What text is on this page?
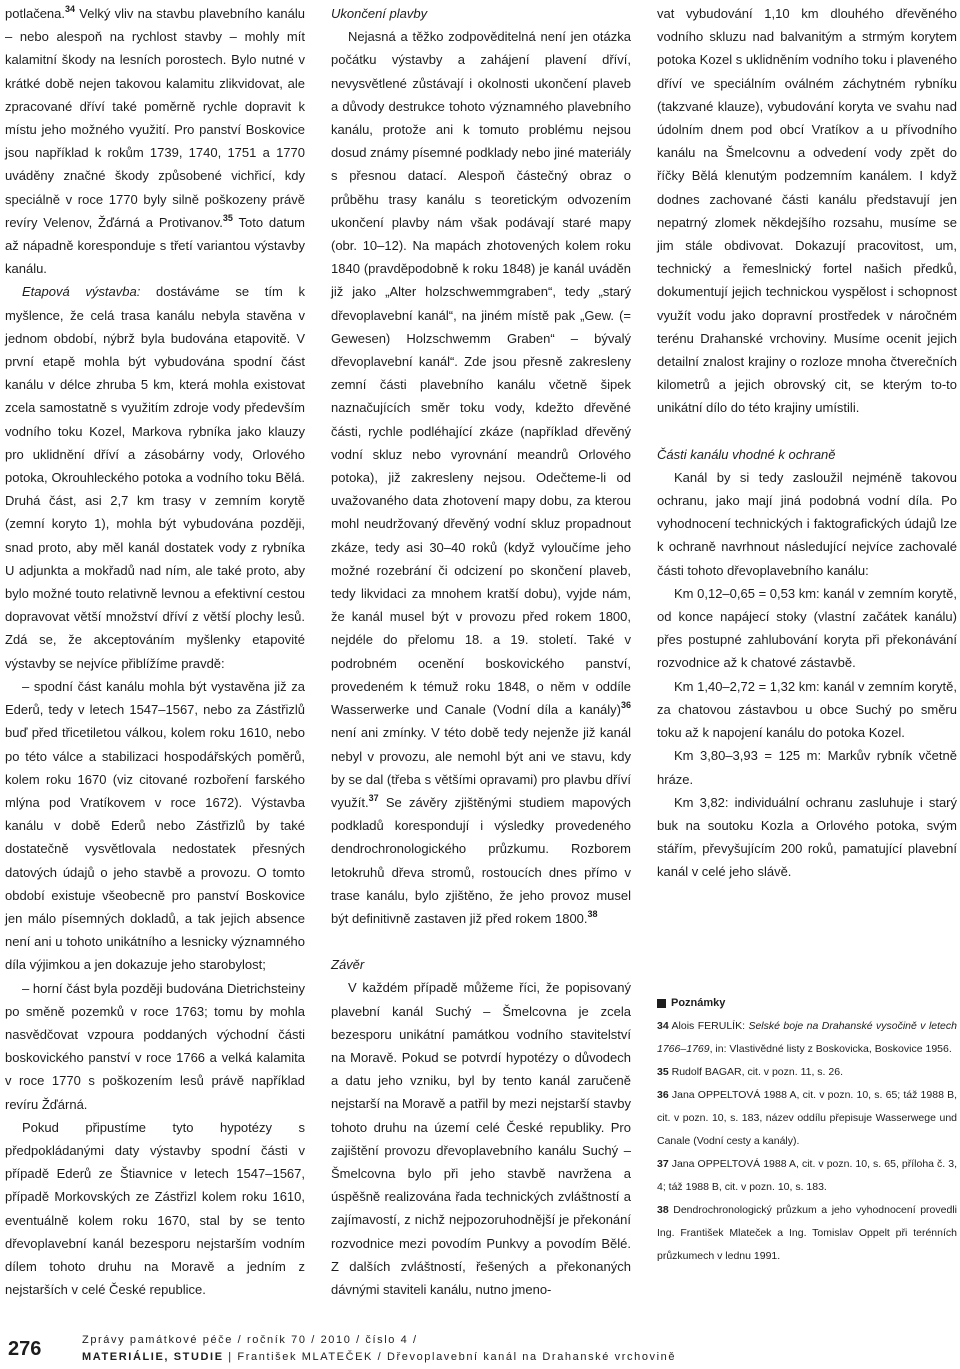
potlačena.$^{34}$ Velký vliv na stavbu plavebního kanálu – nebo alespoň na rychlost stavby – mohly mít kalamitní škody na lesních porostech. Bylo nutné v krátké době nejen takovou kalamitu zlikvidovat, ale zpracované dříví také poměrně rychle dopravit k místu jeho možného využití. Pro panství Boskovice jsou například k rokům 1739, 1740, 1751 a 1770 uváděny značné škody způsobené vichřicí, kdy speciálně v roce 1770 byly silně poškozeny právě revíry Velenov, Žďárná a Protivanov.$^{35}$ Toto datum až nápadně koresponduje s třetí variantou výstavby kanálu.

Etapová výstavba: dostáváme se tím k myšlence, že celá trasa kanálu nebyla stavěna v jednom období, nýbrž byla budována etapovitě. V první etapě mohla být vybudována spodní část kanálu v délce zhruba 5 km, která mohla existovat zcela samostatně s využitím zdroje vody především vodního toku Kozel, Markova rybníka jako klauzy pro uklidnění dříví a zásobárny vody, Orlového potoka, Okrouhleckého potoka a vodního toku Bělá. Druhá část, asi 2,7 km trasy v zemním korytě (zemní koryto 1), mohla být vybudována později, snad proto, aby měl kanál dostatek vody z rybníka U adjunkta a mokřadů nad ním, ale také proto, aby bylo možné touto relativně levnou a efektivní cestou dopravovat větší množství dříví z větší plochy lesů. Zdá se, že akceptováním myšlenky etapovité výstavby se nejvíce přiblížíme pravdě:

– spodní část kanálu mohla být vystavěna již za Ederů, tedy v letech 1547–1567, nebo za Zástřizlů buď před třicetiletou válkou, kolem roku 1610, nebo po této válce a stabilizaci hospodářských poměrů, kolem roku 1670 (viz citované rozboření farského mlýna pod Vratíkovem v roce 1672). Výstavba kanálu v době Ederů nebo Zástřizlů by také dostatečně vysvětlovala nedostatek přesných datových údajů o jeho stavbě a provozu. O tomto období existuje všeobecně pro panství Boskovice jen málo písemných dokladů, a tak jejich absence není ani u tohoto unikátního a lesnicky významného díla výjimkou a jen dokazuje jeho starobylost;

– horní část byla později budována Dietrichsteiny po směně pozemků v roce 1763; tomu by mohla nasvědčovat vzpoura poddaných východní části boskovického panství v roce 1766 a velká kalamita v roce 1770 s poškozením lesů právě například revíru Žďárná.

Pokud připustíme tyto hypotézy s předpokládanými daty výstavby spodní části v případě Ederů ze Štiavnice v letech 1547–1567, případě Morkovských ze Zástřizl kolem roku 1610, eventuálně kolem roku 1670, stal by se tento dřevoplavební kanál bezesporu nejstarším vodním dílem tohoto druhu na Moravě a jedním z nejstarších v celé České republice.

Ukončení plavby

Nejasná a těžko zodpověditelná není jen otázka počátku výstavby a zahájení plavení dříví, nevysvětlené zůstávají i okolnosti ukončení plaveb a důvody destrukce tohoto významného plavebního kanálu, protože ani k tomuto problému nejsou dosud známy písemné podklady nebo jiné materiály s přesnou datací. Alespoň částečný obraz o průběhu trasy kanálu s teoretickým odvozením ukončení plavby nám však podávají staré mapy (obr. 10–12). Na mapách zhotovených kolem roku 1840 (pravděpodobně k roku 1848) je kanál uváděn již jako „Alter holzschwemmgraben“, tedy „starý dřevoplavební kanál“, na jiném místě pak „Gew. (= Gewesen) Holzschwemm Graben“ – bývalý dřevoplavební kanál“. Zde jsou přesně zakresleny zemní části plavebního kanálu včetně šipek naznačujících směr toku vody, kdežto dřevěné části, rychle podléhající zkáze (například dřevěný vodní skluz nebo vyrovnání meandrů Orlového potoka), již zakresleny nejsou. Odečteme-li od uvažovaného data zhotovení mapy dobu, za kterou mohl neudržovaný dřevěný vodní skluz propadnout zkáze, tedy asi 30–40 roků (když vyloučíme jeho možné rozebrání či odcizení po skončení plaveb, tedy likvidaci za mnohem kratší dobu), vyjde nám, že kanál musel být v provozu před rokem 1800, nejdéle do přelomu 18. a 19. století. Také v podrobném ocenění boskovického panství, provedeném k témuž roku 1848, o něm v oddíle Wasserwerke und Canale (Vodní díla a kanály)$^{36}$ není ani zmínky. V této době tedy nejenže již kanál nebyl v provozu, ale nemohl být ani ve stavu, kdy by se dal (třeba s většími opravami) pro plavbu dříví využít.$^{37}$ Se závěry zjištěnými studiem mapových podkladů korespondují i výsledky provedeného dendrochronologického průzkumu. Rozborem letokruhů dřeva stromů, rostoucích dnes přímo v trase kanálu, bylo zjištěno, že jeho provoz musel být definitivně zastaven již před rokem 1800.38

Závěr

V každém případě můžeme říci, že popisovaný plavební kanál Suchý – Šmelcovna je zcela bezesporu unikátní památkou vodního stavitelství na Moravě. Pokud se potvrdí hypotézy o důvodech a datu jeho vzniku, byl by tento kanál zaručeně nejstarší na Moravě a patřil by mezi nejstarší stavby tohoto druhu na území celé České republiky. Pro zajištění provozu dřevoplavebního kanálu Suchý – Šmelcovna bylo při jeho stavbě navržena a úspěšně realizována řada technických zvláštností a zajímavostí, z nichž nejpozoruhodnější je překonání rozvodnice mezi povodím Punkvy a povodím Bělé. Z dalších zvláštností, řešených a překonaných dávnými staviteli kanálu, nutno jmeno-

vat vybudování 1,10 km dlouhého dřevěného vodního skluzu nad balvanitým a strmým korytem potoka Kozel s uklidněním vodního toku i plaveného dříví ve speciálním oválném záchytném rybníku (takzvané klauze), vybudování koryta ve svahu nad údolním dnem pod obcí Vratíkov a u přívodního kanálu na Šmelcovnu a odvedení vody zpět do říčky Bělá klenutým podzemním kanálem. I když dodnes zachované části kanálu představují jen nepatrný zlomek někdejšího rozsahu, musíme se jim stále obdivovat. Dokazují pracovitost, um, technický a řemeslnický fortel našich předků, dokumentují jejich technickou vyspělost i schopnost využít vodu jako dopravní prostředek v náročném terénu Drahanské vrchoviny. Musíme ocenit jejich detailní znalost krajiny o rozloze mnoha čtverečních kilometrů a jejich obrovský cit, se kterým to-to unikátní dílo do této krajiny umístili.

Části kanálu vhodné k ochraně

Kanál by si tedy zasloužil nejméně takovou ochranu, jako mají jiná podobná vodní díla. Po vyhodnocení technických i faktografických údajů lze k ochraně navrhnout následující nejvíce zachovalé části tohoto dřevoplavebního kanálu:

Km 0,12–0,65 = 0,53 km: kanál v zemním korytě, od konce napájecí stoky (vlastní začátek kanálu) přes postupné zahlubování koryta při překonávání rozvodnice až k chatové zástavbě.

Km 1,40–2,72 = 1,32 km: kanál v zemním korytě, za chatovou zástavbou u obce Suchý po směru toku až k napojení kanálu do potoka Kozel.

Km 3,80–3,93 = 125 m: Markův rybník včetně hráze.

Km 3,82: individuální ochranu zasluhuje i starý buk na soutoku Kozla a Orlového potoka, svým stářím, převyšujícím 200 roků, pamatující plavební kanál v celé jeho slávě.

Poznámky

34 Alois FERULÍK: Selské boje na Drahanské vysočině v letech 1766–1769, in: Vlastivědné listy z Boskovicka, Boskovice 1956.

35 Rudolf BAGAR, cit. v pozn. 11, s. 26.

36 Jana OPPELTOVÁ 1988 A, cit. v pozn. 10, s. 65; táž 1988 B, cit. v pozn. 10, s. 183, název oddílu přepisuje Wasserwege und Canale (Vodní cesty a kanály).

37 Jana OPPELTOVÁ 1988 A, cit. v pozn. 10, s. 65, příloha č. 3, 4; táž 1988 B, cit. v pozn. 10, s. 183.

38 Dendrochronologický průzkum a jeho vyhodnocení provedli Ing. František Mlateček a Ing. Tomislav Oppelt při terénních průzkumech v lednu 1991.

276	Zprávy památkové péče / ročník 70 / 2010 / číslo 4 /
MATERIÁLIE, STUDIE | František MLATEČEK / Dřevoplavební kanál na Drahanské vrchovině
